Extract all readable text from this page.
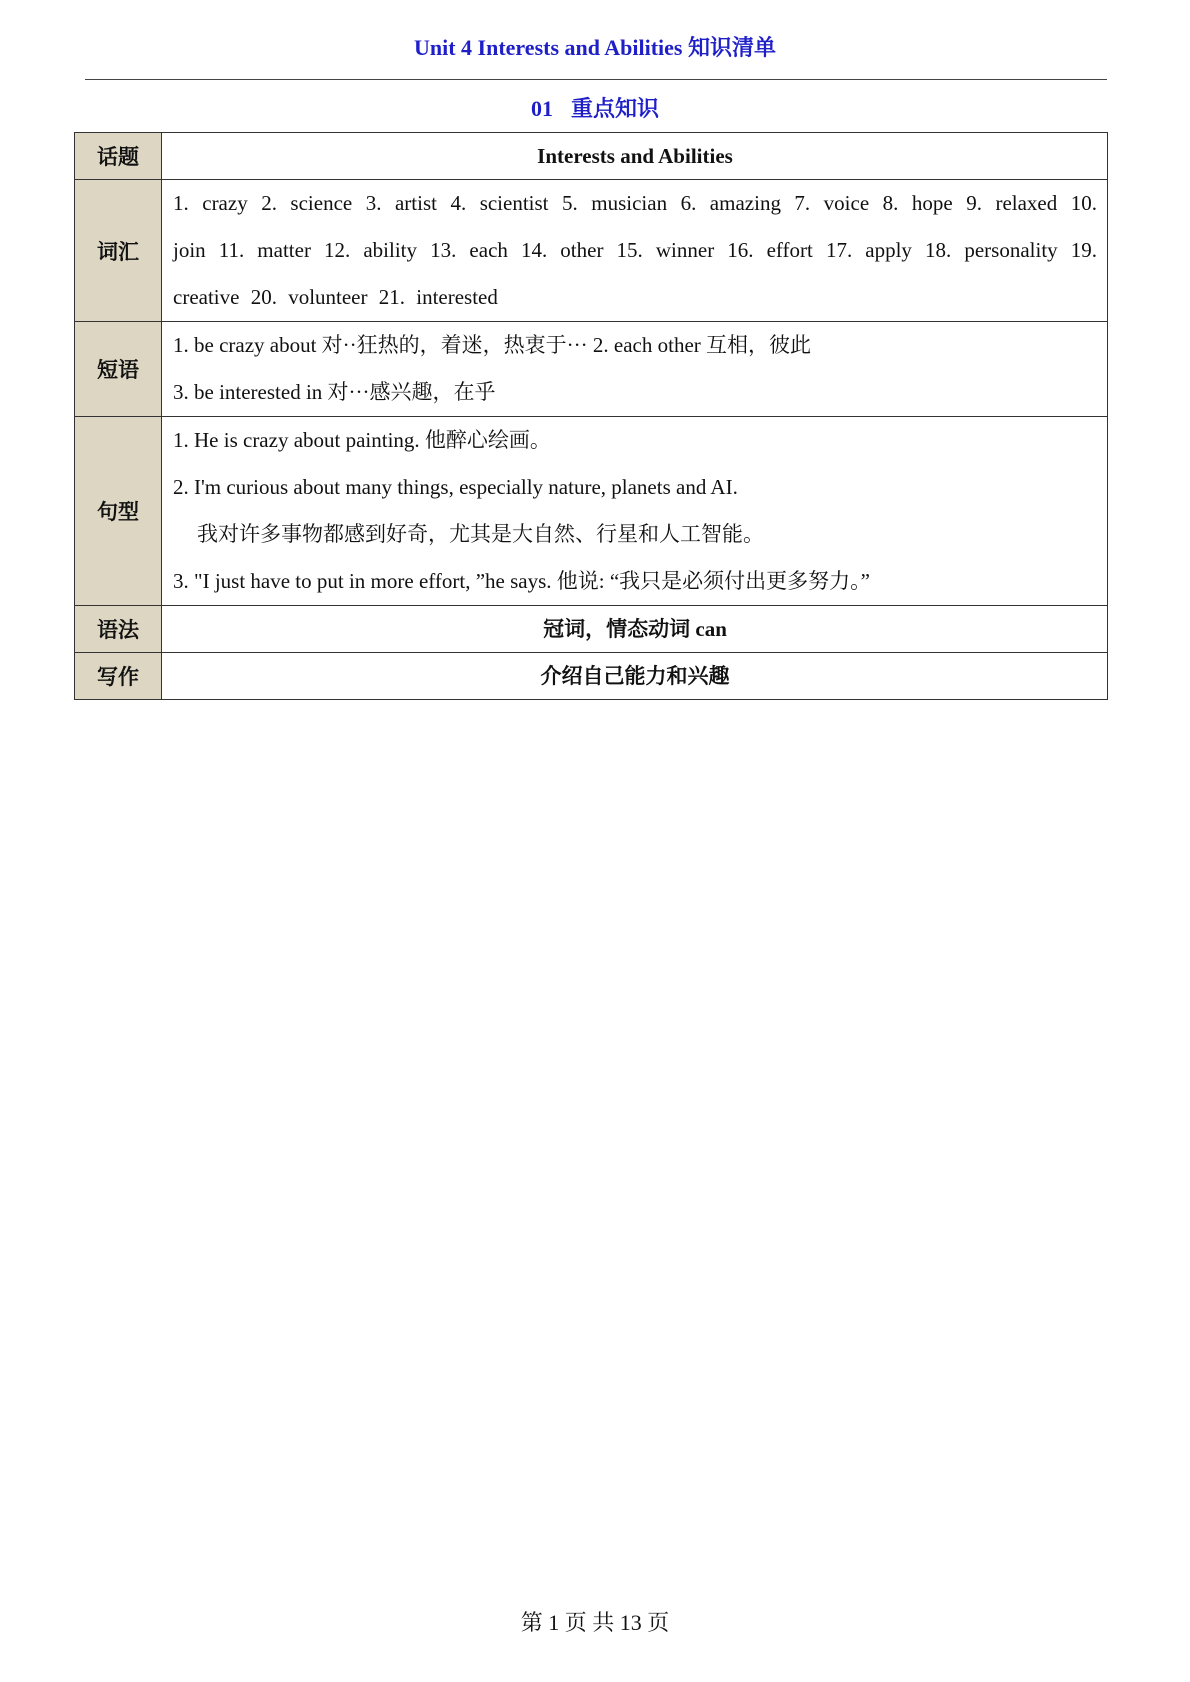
Unit 4 Interests and Abilities 知识清单
01 重点知识
话题	Interests and Abilities
词汇	1. crazy 2. science 3. artist 4. scientist 5. musician 6. amazing 7. voice 8. hope 9. relaxed 10. join 11. matter 12. ability 13. each 14. other 15. winner 16. effort 17. apply 18. personality 19. creative 20. volunteer 21. interested
短语	1. be crazy about 对··狂热的，着迷，热衷于··· 2. each other 互相，彼此
3. be interested in 对···感兴趣，在乎

句型	1. He is crazy about painting. 他醉心绘画。
2. I'm curious about many things, especially nature, planets and AI.
我对许多事物都感到好奇，尤其是大自然、行星和人工智能。
3. "I just have to put in more effort, ”he says. 他说: “我只是必须付出更多努力。”

语法	冠词，情态动词 can
写作	介绍自己能力和兴趣
第 1 页 共 13 页
